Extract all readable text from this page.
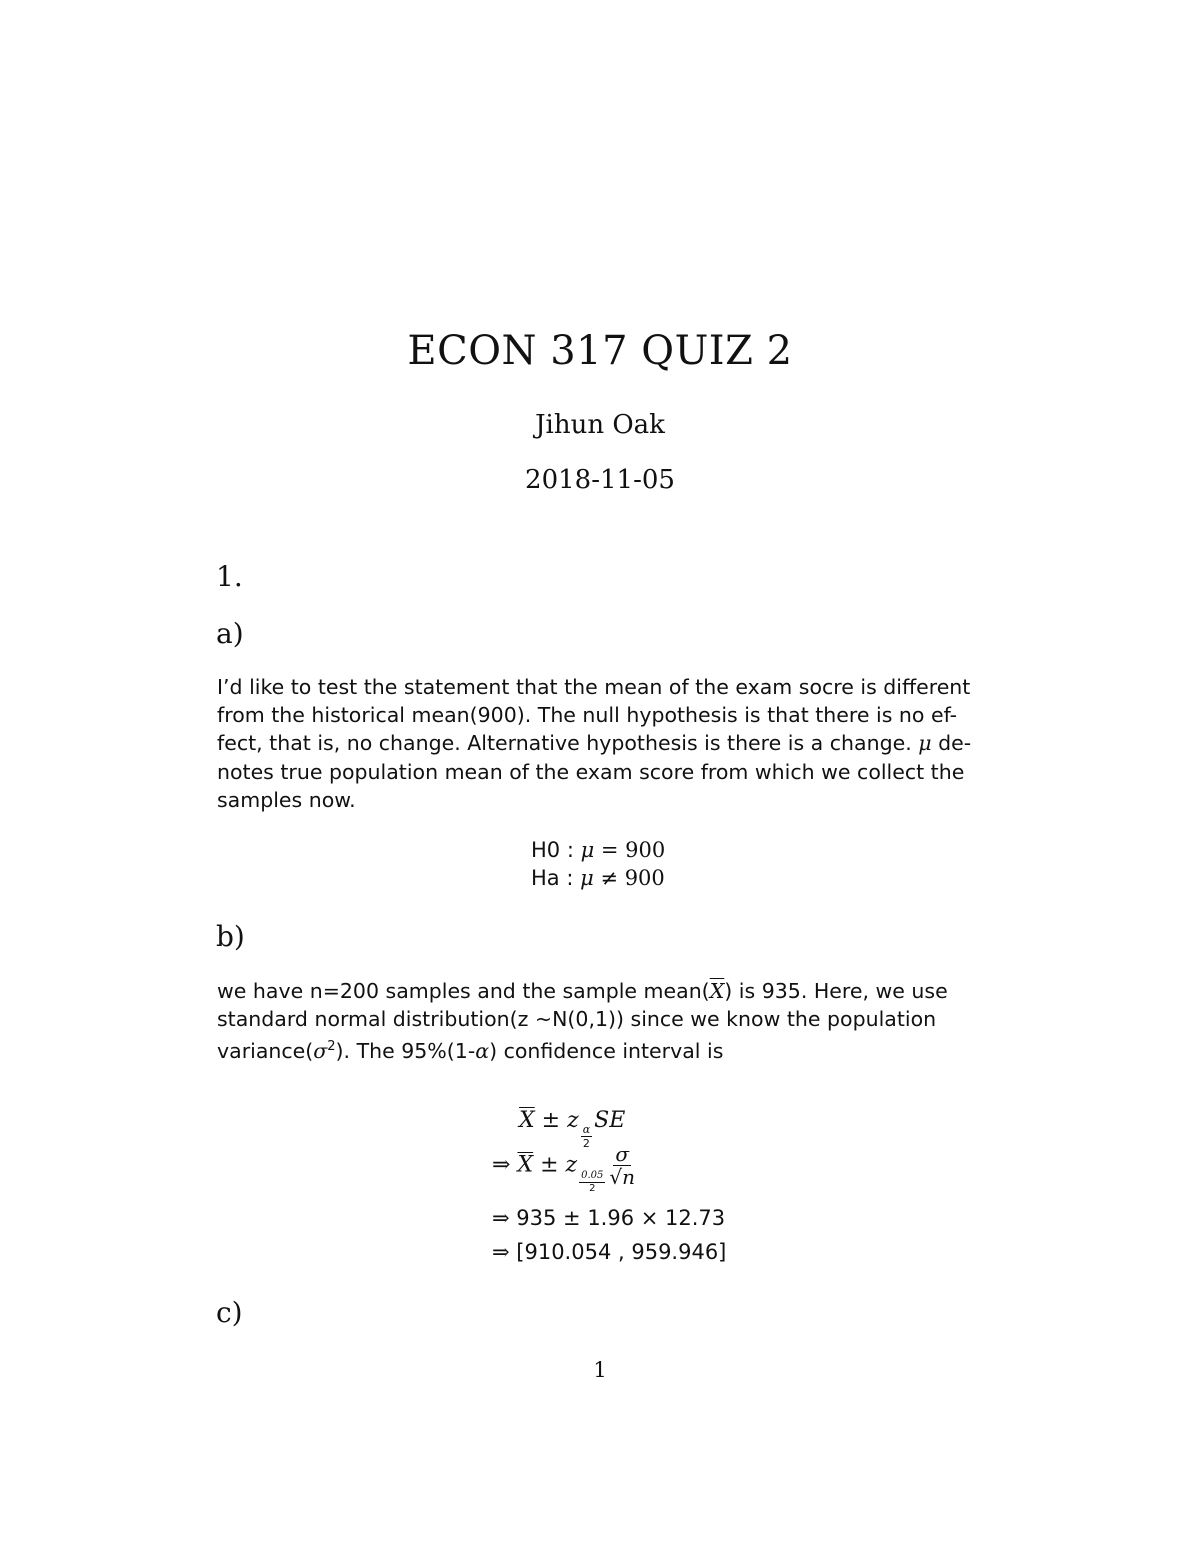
ECON 317 QUIZ 2
Jihun Oak
2018-11-05
1.
a)
I’d like to test the statement that the mean of the exam socre is different
from the historical mean(900). The null hypothesis is that there is no ef-
fect, that is, no change. Alternative hypothesis is there is a change. μ de-
notes true population mean of the exam score from which we collect the
samples now.
H0 : μ = 900
Ha : μ ≠ 900
b)
we have n=200 samples and the sample $mean(\overline{X})$ is 935. Here, we use
standard normal distribution(z ~N(0,1)) since we know the population
$variance(\sigma^2)$. The 95%(1-α) confidence interval is
$\overline{X} \pm z$
$\frac{\alpha}{2}$
SE
⇒ $\overline{X} \pm z$
$\frac{0.05}{2} \frac{\sigma}{√n}$
⇒ 935 ± 1.96 × 12.73
⇒ [910.054 , 959.946]
c)
1
